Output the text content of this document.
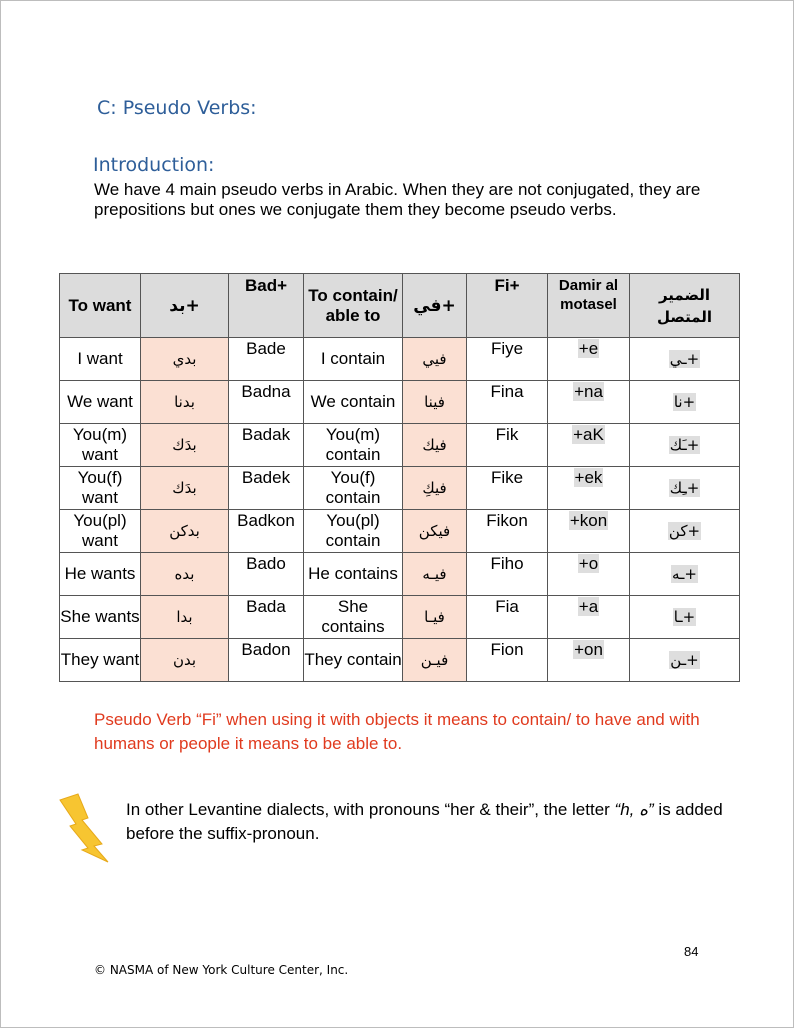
C: Pseudo Verbs:
Introduction:
We have 4 main pseudo verbs in Arabic. When they are not conjugated, they are prepositions but ones we conjugate them they become pseudo verbs.
To want	+بد	Bad+	To contain/ able to	+في	Fi+	Damir al motasel	الضمير المتصل
I want	بدي	Bade	I contain	فيي	Fiye	+e	+ـي
We want	بدنا	Badna	We contain	فينا	Fina	+na	+نا
You(m) want	بدَك	Badak	You(m) contain	فيك	Fik	+aK	+ـَك
You(f) want	بدَك	Badek	You(f) contain	فيكِ	Fike	+ek	+ـِك
You(pl) want	بدكن	Badkon	You(pl) contain	فيكن	Fikon	+kon	+كن
He wants	بده	Bado	He contains	فيـه	Fiho	+o	+ـه
She wants	بدا	Bada	She contains	فيـا	Fia	+a	+ـا
They want	بدن	Badon	They contain	فيـن	Fion	+on	+ـن
Pseudo Verb “Fi” when using it with objects it means to contain/ to have and with humans or people it means to be able to.
In other Levantine dialects, with pronouns “her & their”, the letter “h, ه” is added before the suffix-pronoun.
84
© NASMA of New York Culture Center, Inc.
